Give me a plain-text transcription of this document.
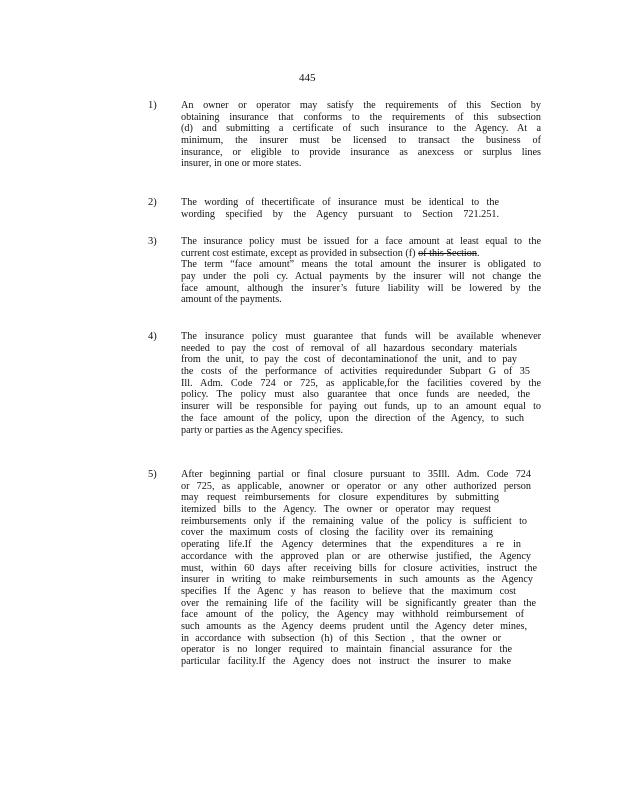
445
1) An owner or operator may satisfy the requirements of this Section by
obtaining insurance that conforms to the requirements of this subsection
(d) and submitting a certificate of such insurance to the Agency. At a
minimum, the insurer must be licensed to transact the business of
insurance, or eligible to provide insurance as anexcess or surplus lines
insurer, in one or more states.
2) The wording of thecertificate of insurance must be identical to the
wording specified by the Agency pursuant to Section 721.251.
3) The insurance policy must be issued for a face amount at least equal to the
current cost estimate, except as provided in subsection (f) of this Section.
The term “face amount” means the total amount the insurer is obligated to
pay under the poli cy. Actual payments by the insurer will not change the
face amount, although the insurer’s future liability will be lowered by the
amount of the payments.
4) The insurance policy must guarantee that funds will be available whenever
needed to pay the cost of removal of all hazardous secondary materials
from the unit, to pay the cost of decontaminationof the unit, and to pay
the costs of the performance of activities requiredunder Subpart G of 35
Ill. Adm. Code 724 or 725, as applicable,for the facilities covered by the
policy. The policy must also guarantee that once funds are needed, the
insurer will be responsible for paying out funds, up to an amount equal to
the face amount of the policy, upon the direction of the Agency, to such
party or parties as the Agency specifies.
5) After beginning partial or final closure pursuant to 35Ill. Adm. Code 724
or 725, as applicable, anowner or operator or any other authorized person
may request reimbursements for closure expenditures by submitting
itemized bills to the Agency. The owner or operator may request
reimbursements only if the remaining value of the policy is sufficient to
cover the maximum costs of closing the facility over its remaining
operating life.If the Agency determines that the expenditures a re in
accordance with the approved plan or are otherwise justified, the Agency
must, within 60 days after receiving bills for closure activities, instruct the
insurer in writing to make reimbursements in such amounts as the Agency
specifies If the Agenc y has reason to believe that the maximum cost
over the remaining life of the facility will be significantly greater than the
face amount of the policy, the Agency may withhold reimbursement of
such amounts as the Agency deems prudent until the Agency deter mines,
in accordance with subsection (h) of this Section , that the owner or
operator is no longer required to maintain financial assurance for the
particular facility.If the Agency does not instruct the insurer to make
